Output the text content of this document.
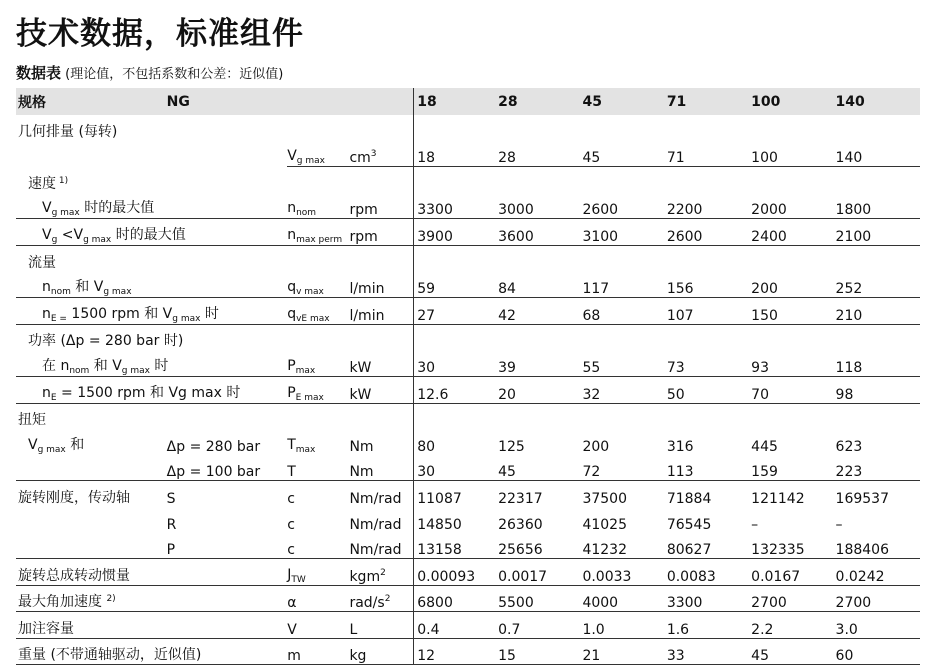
技术数据，标准组件
数据表 (理论值，不包括系数和公差：近似值)
规格	NG			18	28	45	71	100	140
几何排量 (每转)									
		$V_{g max}$	$cm^3$	18	28	45	71	100	140
速度 $^{1)}$	
$V_{g max}$ 时的最大值		$n_{nom}$	rpm	3300	3000	2600	2200	2000	1800
$V_g <V_{g max}$ 时的最大值		$n_{max perm}$	rpm	3900	3600	3100	2600	2400	2100
流量									
$n_{nom}$ 和 $V_{g max}$		$q_{v max}$	l/min	59	84	117	156	200	252
$n_{E =}$ 1500 rpm 和 $V_{g max}$ 时		$q_{vE max}$	l/min	27	42	68	107	150	210
功率 (Δp = 280 bar 时)									
在 $n_{nom}$ 和 $V_{g max}$ 时		$P_{max}$	kW	30	39	55	73	93	118
$n_E = 1500$ rpm 和 Vg max 时		$P_{E max}$	kW	12.6	20	32	50	70	98
扭矩									
$V_{g max}$ 和	Δp = 280 bar	$T_{max}$	Nm	80	125	200	316	445	623
	Δp = 100 bar	T	Nm	30	45	72	113	159	223
旋转刚度，传动轴	S	c	Nm/rad	11087	22317	37500	71884	121142	169537
	R	c	Nm/rad	14850	26360	41025	76545	–	–
	P	c	Nm/rad	13158	25656	41232	80627	132335	188406
旋转总成转动惯量		$J_{TW}$	kgm$^2$	0.00093	0.0017	0.0033	0.0083	0.0167	0.0242
最大角加速度 $^{2)}$		α	rad/$s^2$	6800	5500	4000	3300	2700	2700
加注容量		V	L	0.4	0.7	1.0	1.6	2.2	3.0
重量 (不带通轴驱动，近似值)		m	kg	12	15	21	33	45	60
